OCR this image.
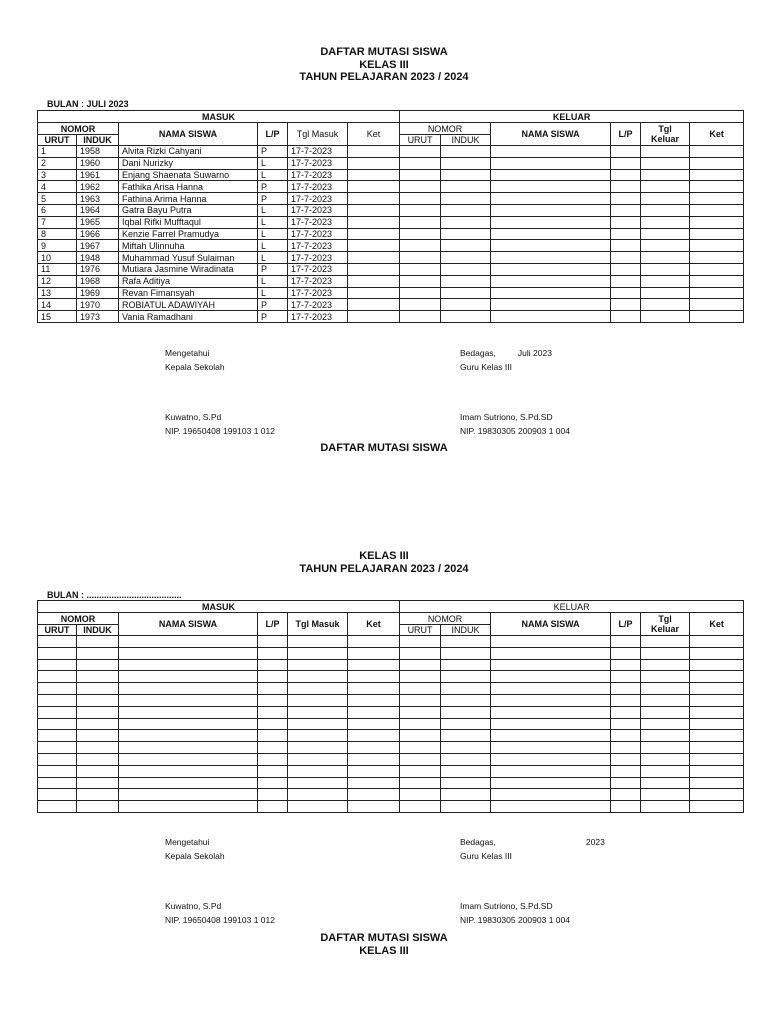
DAFTAR MUTASI SISWA
KELAS III
TAHUN PELAJARAN 2023 / 2024
BULAN : JULI 2023
MASUK						KELUAR					
NOMOR		NAMA SISWA	L/P	Tgl Masuk	Ket	NOMOR		NAMA SISWA	L/P	Tgl Keluar	Ket
URUT	INDUK					URUT	INDUK				
1	1958	Alvita Rizki Cahyani	P	17-7-2023							
2	1960	Dani Nurizky	L	17-7-2023							
3	1961	Enjang Shaenata Suwarno	L	17-7-2023							
4	1962	Fathika Arisa Hanna	P	17-7-2023							
5	1963	Fathina Arima Hanna	P	17-7-2023							
6	1964	Gatra Bayu Putra	L	17-7-2023							
7	1965	Iqbal Rifki Mufftaqul	L	17-7-2023							
8	1966	Kenzie Farrel Pramudya	L	17-7-2023							
9	1967	Miftah Ulinnuha	L	17-7-2023							
10	1948	Muhammad Yusuf Sulaiman	L	17-7-2023							
11	1976	Mutiara Jasmine Wiradinata	P	17-7-2023							
12	1968	Rafa Aditiya	L	17-7-2023							
13	1969	Revan Fimansyah	L	17-7-2023							
14	1970	ROBIATUL ADAWIYAH	P	17-7-2023							
15	1973	Vania Ramadhani	P	17-7-2023							
Mengetahui
Kepala Sekolah
Kuwatno, S.Pd
NIP. 19650408 199103 1 012
Bedagas,	Juli 2023
Guru Kelas III
Imam Sutriono, S.Pd.SD
NIP. 19830305 200903 1 004
DAFTAR MUTASI SISWA
KELAS III
TAHUN PELAJARAN 2023 / 2024
BULAN : ......................................
MASUK						KELUAR					
NOMOR		NAMA SISWA	L/P	Tgl Masuk	Ket	NOMOR		NAMA SISWA	L/P	Tgl Keluar	Ket
URUT	INDUK					URUT	INDUK				

Mengetahui
Kepala Sekolah
Kuwatno, S.Pd
NIP. 19650408 199103 1 012
Bedagas,	2023
Guru Kelas III
Imam Sutriono, S.Pd.SD
NIP. 19830305 200903 1 004
DAFTAR MUTASI SISWA
KELAS III
